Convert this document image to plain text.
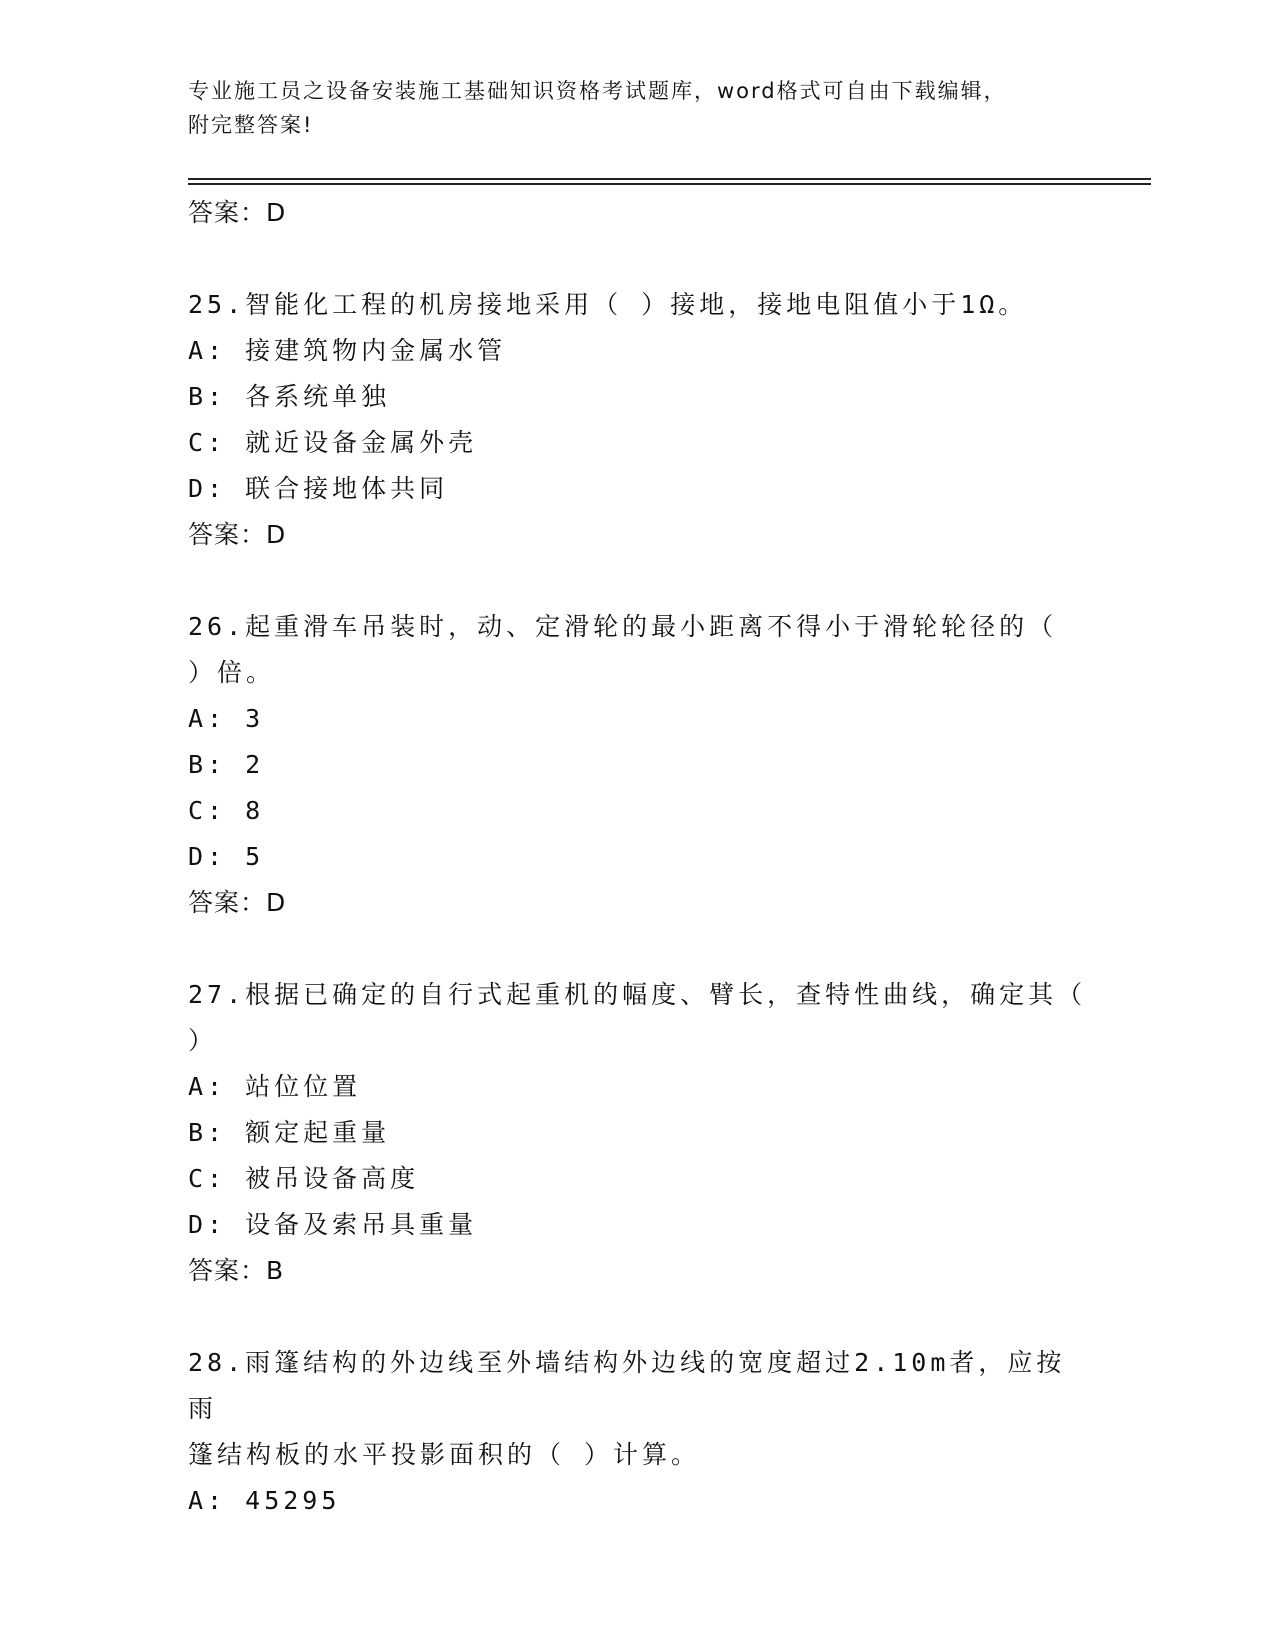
专业施工员之设备安装施工基础知识资格考试题库，word格式可自由下载编辑，
附完整答案!
答案：D
25.智能化工程的机房接地采用（ ）接地，接地电阻值小于1Ω。
A: 接建筑物内金属水管
B: 各系统单独
C: 就近设备金属外壳
D: 联合接地体共同
答案：D
26.起重滑车吊装时，动、定滑轮的最小距离不得小于滑轮轮径的（
）倍。
A: 3
B: 2
C: 8
D: 5
答案：D
27.根据已确定的自行式起重机的幅度、臂长，查特性曲线，确定其（
）
A: 站位位置
B: 额定起重量
C: 被吊设备高度
D: 设备及索吊具重量
答案：B
28.雨篷结构的外边线至外墙结构外边线的宽度超过2.10m者，应按雨
篷结构板的水平投影面积的（ ）计算。
A: 45295
